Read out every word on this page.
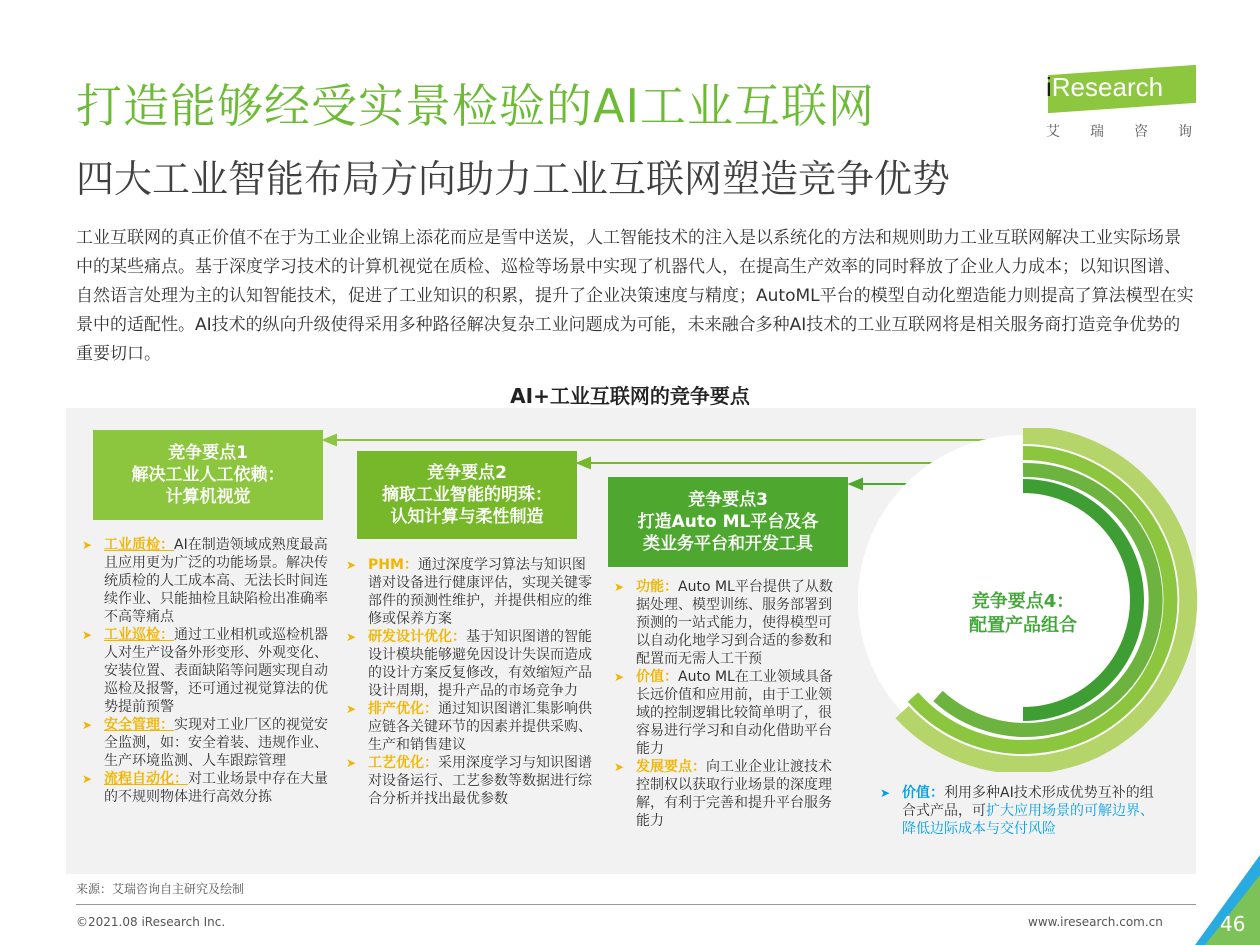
打造能够经受实景检验的AI工业互联网
四大工业智能布局方向助力工业互联网塑造竞争优势
iResearch
艾瑞咨询
工业互联网的真正价值不在于为工业企业锦上添花而应是雪中送炭，人工智能技术的注入是以系统化的方法和规则助力工业互联网解决工业实际场景中的某些痛点。基于深度学习技术的计算机视觉在质检、巡检等场景中实现了机器代人，在提高生产效率的同时释放了企业人力成本；以知识图谱、自然语言处理为主的认知智能技术，促进了工业知识的积累，提升了企业决策速度与精度；AutoML平台的模型自动化塑造能力则提高了算法模型在实景中的适配性。AI技术的纵向升级使得采用多种路径解决复杂工业问题成为可能，未来融合多种AI技术的工业互联网将是相关服务商打造竞争优势的重要切口。
AI+工业互联网的竞争要点
竞争要点1
解决工业人工依赖：
计算机视觉
竞争要点2
摘取工业智能的明珠：
认知计算与柔性制造
竞争要点3
打造Auto ML平台及各
类业务平台和开发工具
竞争要点4：
配置产品组合
➤ 工业质检：AI在制造领域成熟度最高且应用更为广泛的功能场景。解决传统质检的人工成本高、无法长时间连续作业、只能抽检且缺陷检出准确率不高等痛点
➤ 工业巡检：通过工业相机或巡检机器人对生产设备外形变形、外观变化、安装位置、表面缺陷等问题实现自动巡检及报警，还可通过视觉算法的优势提前预警
➤ 安全管理：实现对工业厂区的视觉安全监测，如：安全着装、违规作业、生产环境监测、人车跟踪管理
➤ 流程自动化：对工业场景中存在大量的不规则物体进行高效分拣
➤ PHM：通过深度学习算法与知识图谱对设备进行健康评估，实现关键零部件的预测性维护，并提供相应的维修或保养方案
➤ 研发设计优化：基于知识图谱的智能设计模块能够避免因设计失误而造成的设计方案反复修改，有效缩短产品设计周期，提升产品的市场竞争力
➤ 排产优化：通过知识图谱汇集影响供应链各关键环节的因素并提供采购、生产和销售建议
➤ 工艺优化：采用深度学习与知识图谱对设备运行、工艺参数等数据进行综合分析并找出最优参数
➤ 功能：Auto ML平台提供了从数据处理、模型训练、服务部署到预测的一站式能力，使得模型可以自动化地学习到合适的参数和配置而无需人工干预
➤ 价值：Auto ML在工业领域具备长远价值和应用前，由于工业领域的控制逻辑比较简单明了，很容易进行学习和自动化借助平台能力
➤ 发展要点：向工业企业让渡技术控制权以获取行业场景的深度理解，有利于完善和提升平台服务能力
➤ 价值：利用多种AI技术形成优势互补的组合式产品，可扩大应用场景的可解边界、降低边际成本与交付风险
来源：艾瑞咨询自主研究及绘制
©2021.08 iResearch Inc.	www.iresearch.com.cn	46
